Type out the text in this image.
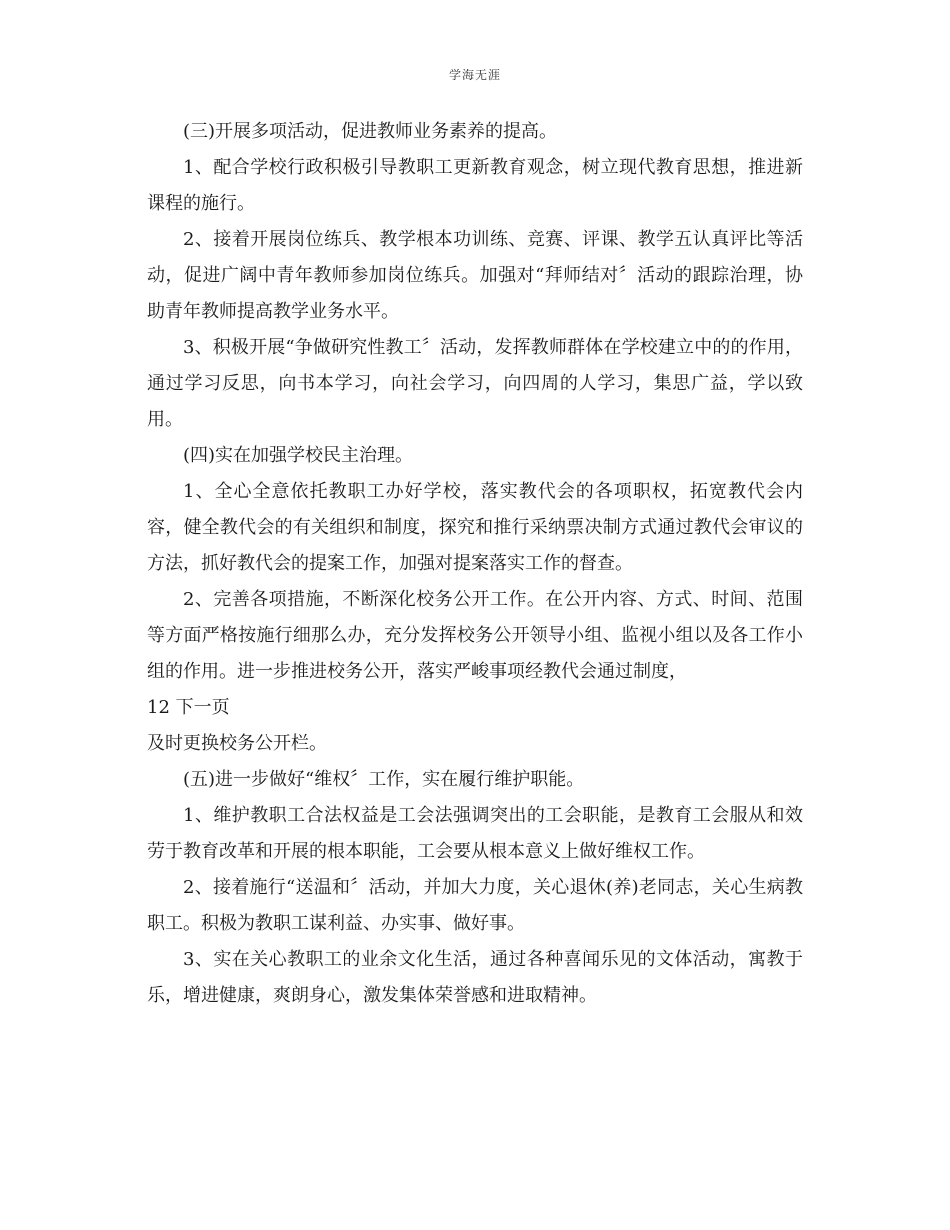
学海无涯

(三)开展多项活动，促进教师业务素养的提高。

1、配合学校行政积极引导教职工更新教育观念，树立现代教育思想，推进新课程的施行。

2、接着开展岗位练兵、教学根本功训练、竞赛、评课、教学五认真评比等活动，促进广阔中青年教师参加岗位练兵。加强对“拜师结对〞活动的跟踪治理，协助青年教师提高教学业务水平。

3、积极开展“争做研究性教工〞活动，发挥教师群体在学校建立中的的作用，通过学习反思，向书本学习，向社会学习，向四周的人学习，集思广益，学以致用。

(四)实在加强学校民主治理。

1、全心全意依托教职工办好学校，落实教代会的各项职权，拓宽教代会内容，健全教代会的有关组织和制度，探究和推行采纳票决制方式通过教代会审议的方法，抓好教代会的提案工作，加强对提案落实工作的督查。

2、完善各项措施，不断深化校务公开工作。在公开内容、方式、时间、范围等方面严格按施行细那么办，充分发挥校务公开领导小组、监视小组以及各工作小组的作用。进一步推进校务公开，落实严峻事项经教代会通过制度，

12 下一页

及时更换校务公开栏。

(五)进一步做好“维权〞工作，实在履行维护职能。

1、维护教职工合法权益是工会法强调突出的工会职能，是教育工会服从和效劳于教育改革和开展的根本职能，工会要从根本意义上做好维权工作。

2、接着施行“送温和〞活动，并加大力度，关心退休(养)老同志，关心生病教职工。积极为教职工谋利益、办实事、做好事。

3、实在关心教职工的业余文化生活，通过各种喜闻乐见的文体活动，寓教于乐，增进健康，爽朗身心，激发集体荣誉感和进取精神。
